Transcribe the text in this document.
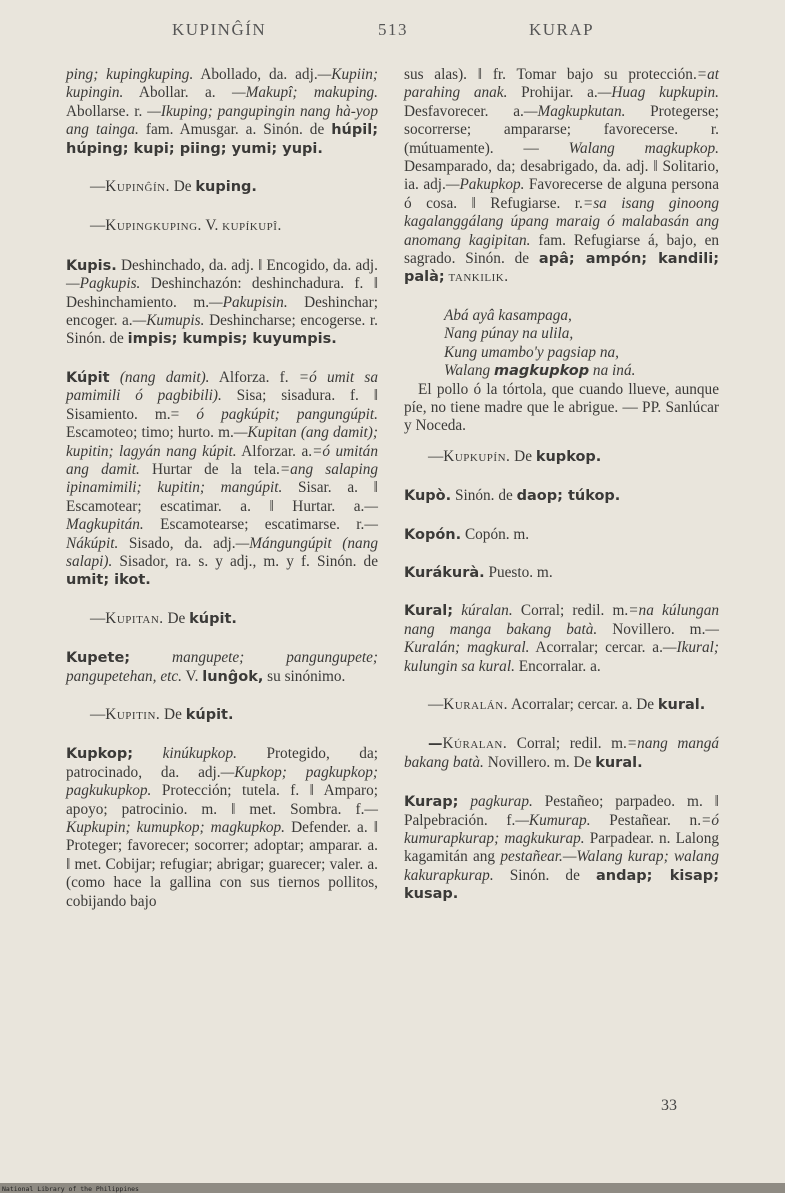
KUPINĜÍN	513	KURAP

ping; kupingkuping. Abollado, da. adj.—Kupiin; kupingin. Abollar. a. —Makupî; makuping. Abollarse. r. —Ikuping; pangupingin nang hà-yop ang tainga. fam. Amusgar. a. Sinón. de húpil; húping; kupi; piing; yumi; yupi.

—Kupinĝín. De kuping.

—Kupingkuping. V. kupíkupî.

Kupis. Deshinchado, da. adj. ‖ Encogido, da. adj.—Pagkupis. Deshinchazón: deshinchadura. f. ‖ Deshinchamiento. m.—Pakupisin. Deshinchar; encoger. a.—Kumupis. Deshincharse; encogerse. r. Sinón. de impis; kumpis; kuyumpis.

Kúpit (nang damit). Alforza. f. =ó umit sa pamimili ó pagbibili). Sisa; sisadura. f. ‖ Sisamiento. m.= ó pagkúpit; pangungúpit. Escamoteo; timo; hurto. m.—Kupitan (ang damit); kupitin; lagyán nang kúpit. Alforzar. a.=ó umitán ang damit. Hurtar de la tela.=ang salaping ipinamimili; kupitin; mangúpit. Sisar. a. ‖ Escamotear; escatimar. a. ‖ Hurtar. a.—Magkupitán. Escamotearse; escatimarse. r.—Nákúpit. Sisado, da. adj.—Mángungúpit (nang salapi). Sisador, ra. s. y adj., m. y f. Sinón. de umit; ikot.

—Kupitan. De kúpit.

Kupete; mangupete; pangungupete; pangupetehan, etc. V. lunĝok, su sinónimo.

—Kupitin. De kúpit.

Kupkop; kinúkupkop. Protegido, da; patrocinado, da. adj.—Kupkop; pagkupkop; pagkukupkop. Protección; tutela. f. ‖ Amparo; apoyo; patrocinio. m. ‖ met. Sombra. f.—Kupkupin; kumupkop; magkupkop. Defender. a. ‖ Proteger; favorecer; socorrer; adoptar; amparar. a. ‖ met. Cobijar; refugiar; abrigar; guarecer; valer. a. (como hace la gallina con sus tiernos pollitos, cobijando bajo

sus alas). ‖ fr. Tomar bajo su protección.=at parahing anak. Prohijar. a.—Huag kupkupin. Desfavorecer. a.—Magkupkutan. Protegerse; socorrerse; ampararse; favorecerse. r. (mútuamente). — Walang magkupkop. Desamparado, da; desabrigado, da. adj. ‖ Solitario, ia. adj.—Pakupkop. Favorecerse de alguna persona ó cosa. ‖ Refugiarse. r.=sa isang ginoong kagalanggálang úpang maraig ó malabasán ang anomang kagipitan. fam. Refugiarse á, bajo, en sagrado. Sinón. de apâ; ampón; kandili; palà; tankilik.

Abá ayâ kasampaga,

Nang púnay na ulila,

Kung umambo'y pagsiap na,

Walang magkupkop na iná.

El pollo ó la tórtola, que cuando llueve, aunque píe, no tiene madre que le abrigue. — PP. Sanlúcar y Noceda.

—Kupkupín. De kupkop.

Kupò. Sinón. de daop; túkop.

Kopón. Copón. m.

Kurákurà. Puesto. m.

Kural; kúralan. Corral; redil. m.=na kúlungan nang manga bakang batà. Novillero. m.—Kuralán; magkural. Acorralar; cercar. a.—Ikural; kulungin sa kural. Encorralar. a.

—Kuralán. Acorralar; cercar. a. De kural.

—Kúralan. Corral; redil. m.=nang mangá bakang batà. Novillero. m. De kural.

Kurap; pagkurap. Pestañeo; parpadeo. m. ‖ Palpebración. f.—Kumurap. Pestañear. n.=ó kumurapkurap; magkukurap. Parpadear. n. Lalong kagamitán ang pestañear.—Walang kurap; walang kakurapkurap. Sinón. de andap; kisap; kusap.

33
National Library of the Philippines
